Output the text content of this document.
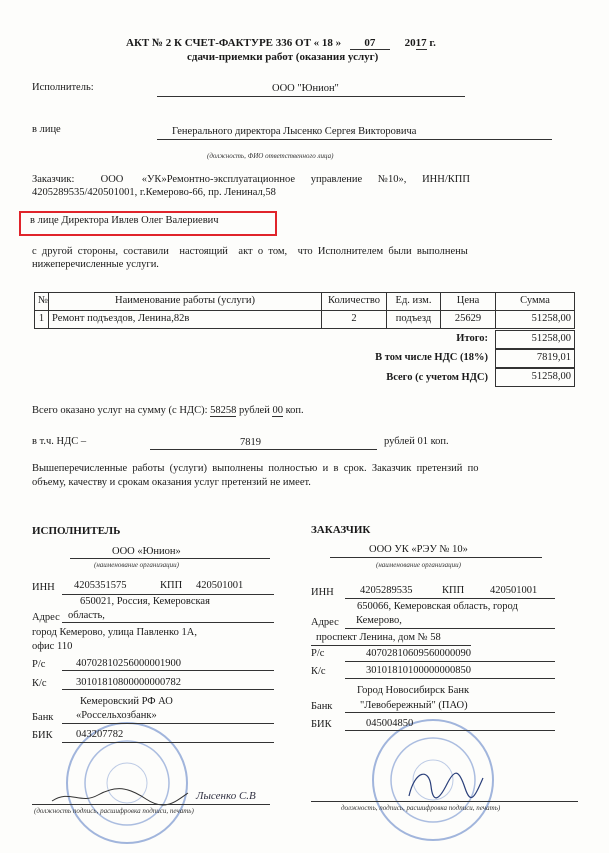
АКТ № 2 К СЧЕТ-ФАКТУРЕ 336 ОТ « 18 » 07	2017 г.
сдачи-приемки работ (оказания услуг)
Исполнитель:	ООО "Юнион"
в лице	Генерального директора Лысенко Сергея Викторовича
(должность, ФИО ответственного лица)
Заказчик:          ООО       «УК»Ремонтно-эксплуатационное      управление      №10»,      ИНН/КПП
4205289535/420501001, г.Кемерово-66, пр. Ленинал,58
в лице Директора Ивлев Олег Валериевич
с  другой  стороны,  составили    настоящий    акт  о  том,    что  Исполнителем  были  выполнены
нижеперечисленные услуги.
№	Наименование работы (услуги)	Количество	Ед. изм.	Цена	Сумма
1 Ремонт подъездов, Ленина,82в	2	подъезд	25629	51258,00
Итого:	51258,00
В том числе НДС (18%)	7819,01
Всего (с учетом НДС)	51258,00
Всего оказано услуг на сумму (с НДС): 58258 рублей 00 коп.
в т.ч. НДС –	7819	рублей 01 коп.
Вышеперечисленные  работы  (услуги)  выполнены  полностью  и  в  срок.  Заказчик  претензий  по
объему, качеству и срокам оказания услуг претензий не имеет.
ИСПОЛНИТЕЛЬ
ООО «Юнион»
(наименование организации)
ИНН 4205351575	КПП 420501001
650021, Россия, Кемеровская
Адрес область,
город Кемерово, улица Павленко 1А,
офис 110
Р/с	40702810256000001900
К/с	30101810800000000782
Кемеровский РФ АО
Банк «Россельхозбанк»
БИК 043207782
Лысенко С.В
(должность подпись, расшифровка подписи, печать)
ЗАКАЗЧИК
ООО УК «РЭУ № 10»
(наименование организации)
ИНН	4205289535	КПП 420501001
650066, Кемеровская область, город
Адрес Кемерово,
проспект Ленина, дом № 58
Р/с	40702810609560000090
К/с	30101810100000000850
Город Новосибирск Банк
Банк	"Левобережный" (ПАО)
БИК	045004850
должность, подпись, расшифровка подписи, печать)
